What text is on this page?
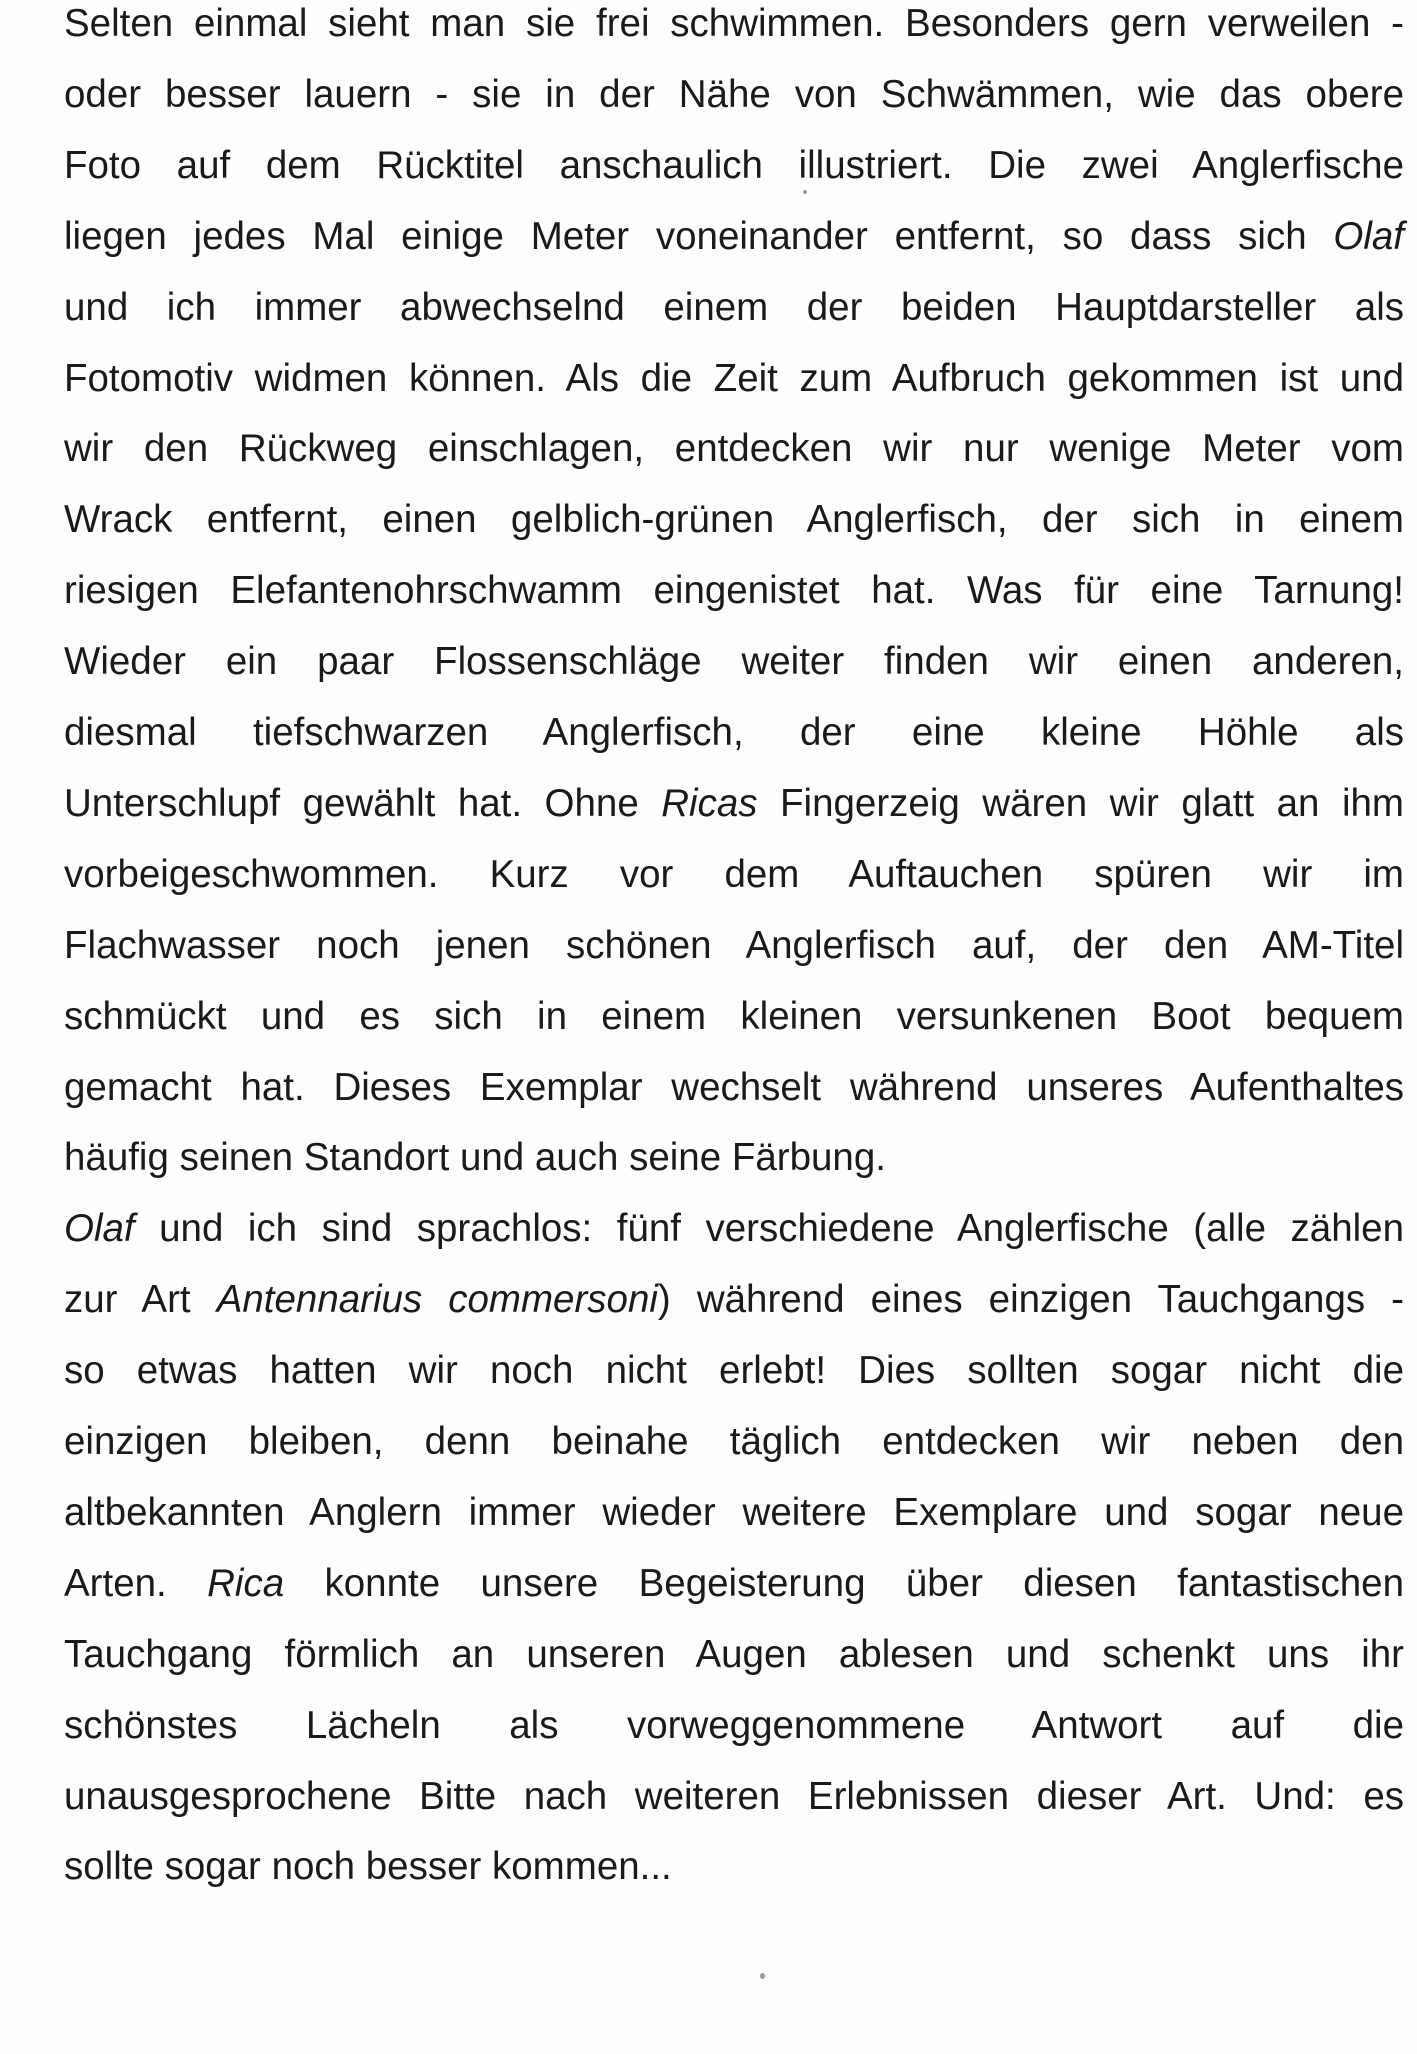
Selten einmal sieht man sie frei schwimmen. Besonders gern verweilen -
oder besser lauern - sie in der Nähe von Schwämmen, wie das obere
Foto auf dem Rücktitel anschaulich illustriert. Die zwei Anglerfische
liegen jedes Mal einige Meter voneinander entfernt, so dass sich Olaf
und ich immer abwechselnd einem der beiden Hauptdarsteller als
Fotomotiv widmen können. Als die Zeit zum Aufbruch gekommen ist und
wir den Rückweg einschlagen, entdecken wir nur wenige Meter vom
Wrack entfernt, einen gelblich-grünen Anglerfisch, der sich in einem
riesigen Elefantenohrschwamm eingenistet hat. Was für eine Tarnung!
Wieder ein paar Flossenschläge weiter finden wir einen anderen,
diesmal tiefschwarzen Anglerfisch, der eine kleine Höhle als
Unterschlupf gewählt hat. Ohne Ricas Fingerzeig wären wir glatt an ihm
vorbeigeschwommen. Kurz vor dem Auftauchen spüren wir im
Flachwasser noch jenen schönen Anglerfisch auf, der den AM-Titel
schmückt und es sich in einem kleinen versunkenen Boot bequem
gemacht hat. Dieses Exemplar wechselt während unseres Aufenthaltes
häufig seinen Standort und auch seine Färbung.
Olaf und ich sind sprachlos: fünf verschiedene Anglerfische (alle zählen
zur Art Antennarius commersoni) während eines einzigen Tauchgangs -
so etwas hatten wir noch nicht erlebt! Dies sollten sogar nicht die
einzigen bleiben, denn beinahe täglich entdecken wir neben den
altbekannten Anglern immer wieder weitere Exemplare und sogar neue
Arten. Rica konnte unsere Begeisterung über diesen fantastischen
Tauchgang förmlich an unseren Augen ablesen und schenkt uns ihr
schönstes Lächeln als vorweggenommene Antwort auf die
unausgesprochene Bitte nach weiteren Erlebnissen dieser Art. Und: es
sollte sogar noch besser kommen...
